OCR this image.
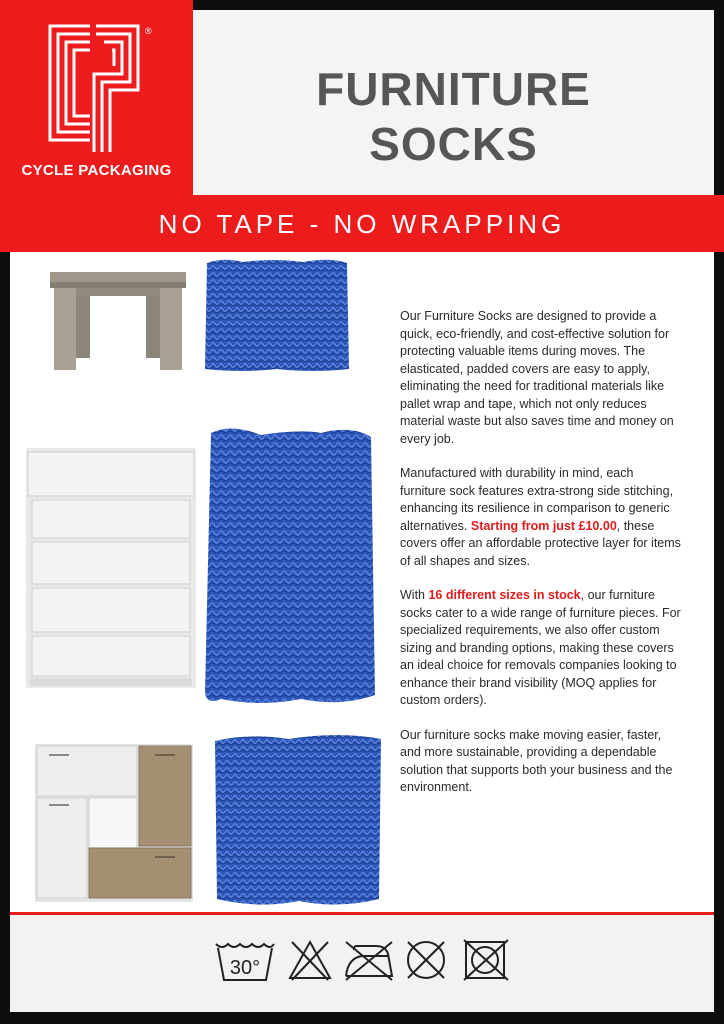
®
CYCLE PACKAGING
FURNITURE
SOCKS
NO TAPE - NO WRAPPING

Our Furniture Socks are designed to provide a quick, eco-friendly, and cost-effective solution for protecting valuable items during moves. The elasticated, padded covers are easy to apply, eliminating the need for traditional materials like pallet wrap and tape, which not only reduces material waste but also saves time and money on every job.

Manufactured with durability in mind, each furniture sock features extra-strong side stitching, enhancing its resilience in comparison to generic alternatives. Starting from just £10.00, these covers offer an affordable protective layer for items of all shapes and sizes.

With 16 different sizes in stock, our furniture socks cater to a wide range of furniture pieces. For specialized requirements, we also offer custom sizing and branding options, making these covers an ideal choice for removals companies looking to enhance their brand visibility (MOQ applies for custom orders).

Our furniture socks make moving easier, faster, and more sustainable, providing a dependable solution that supports both your business and the environment.

30°
